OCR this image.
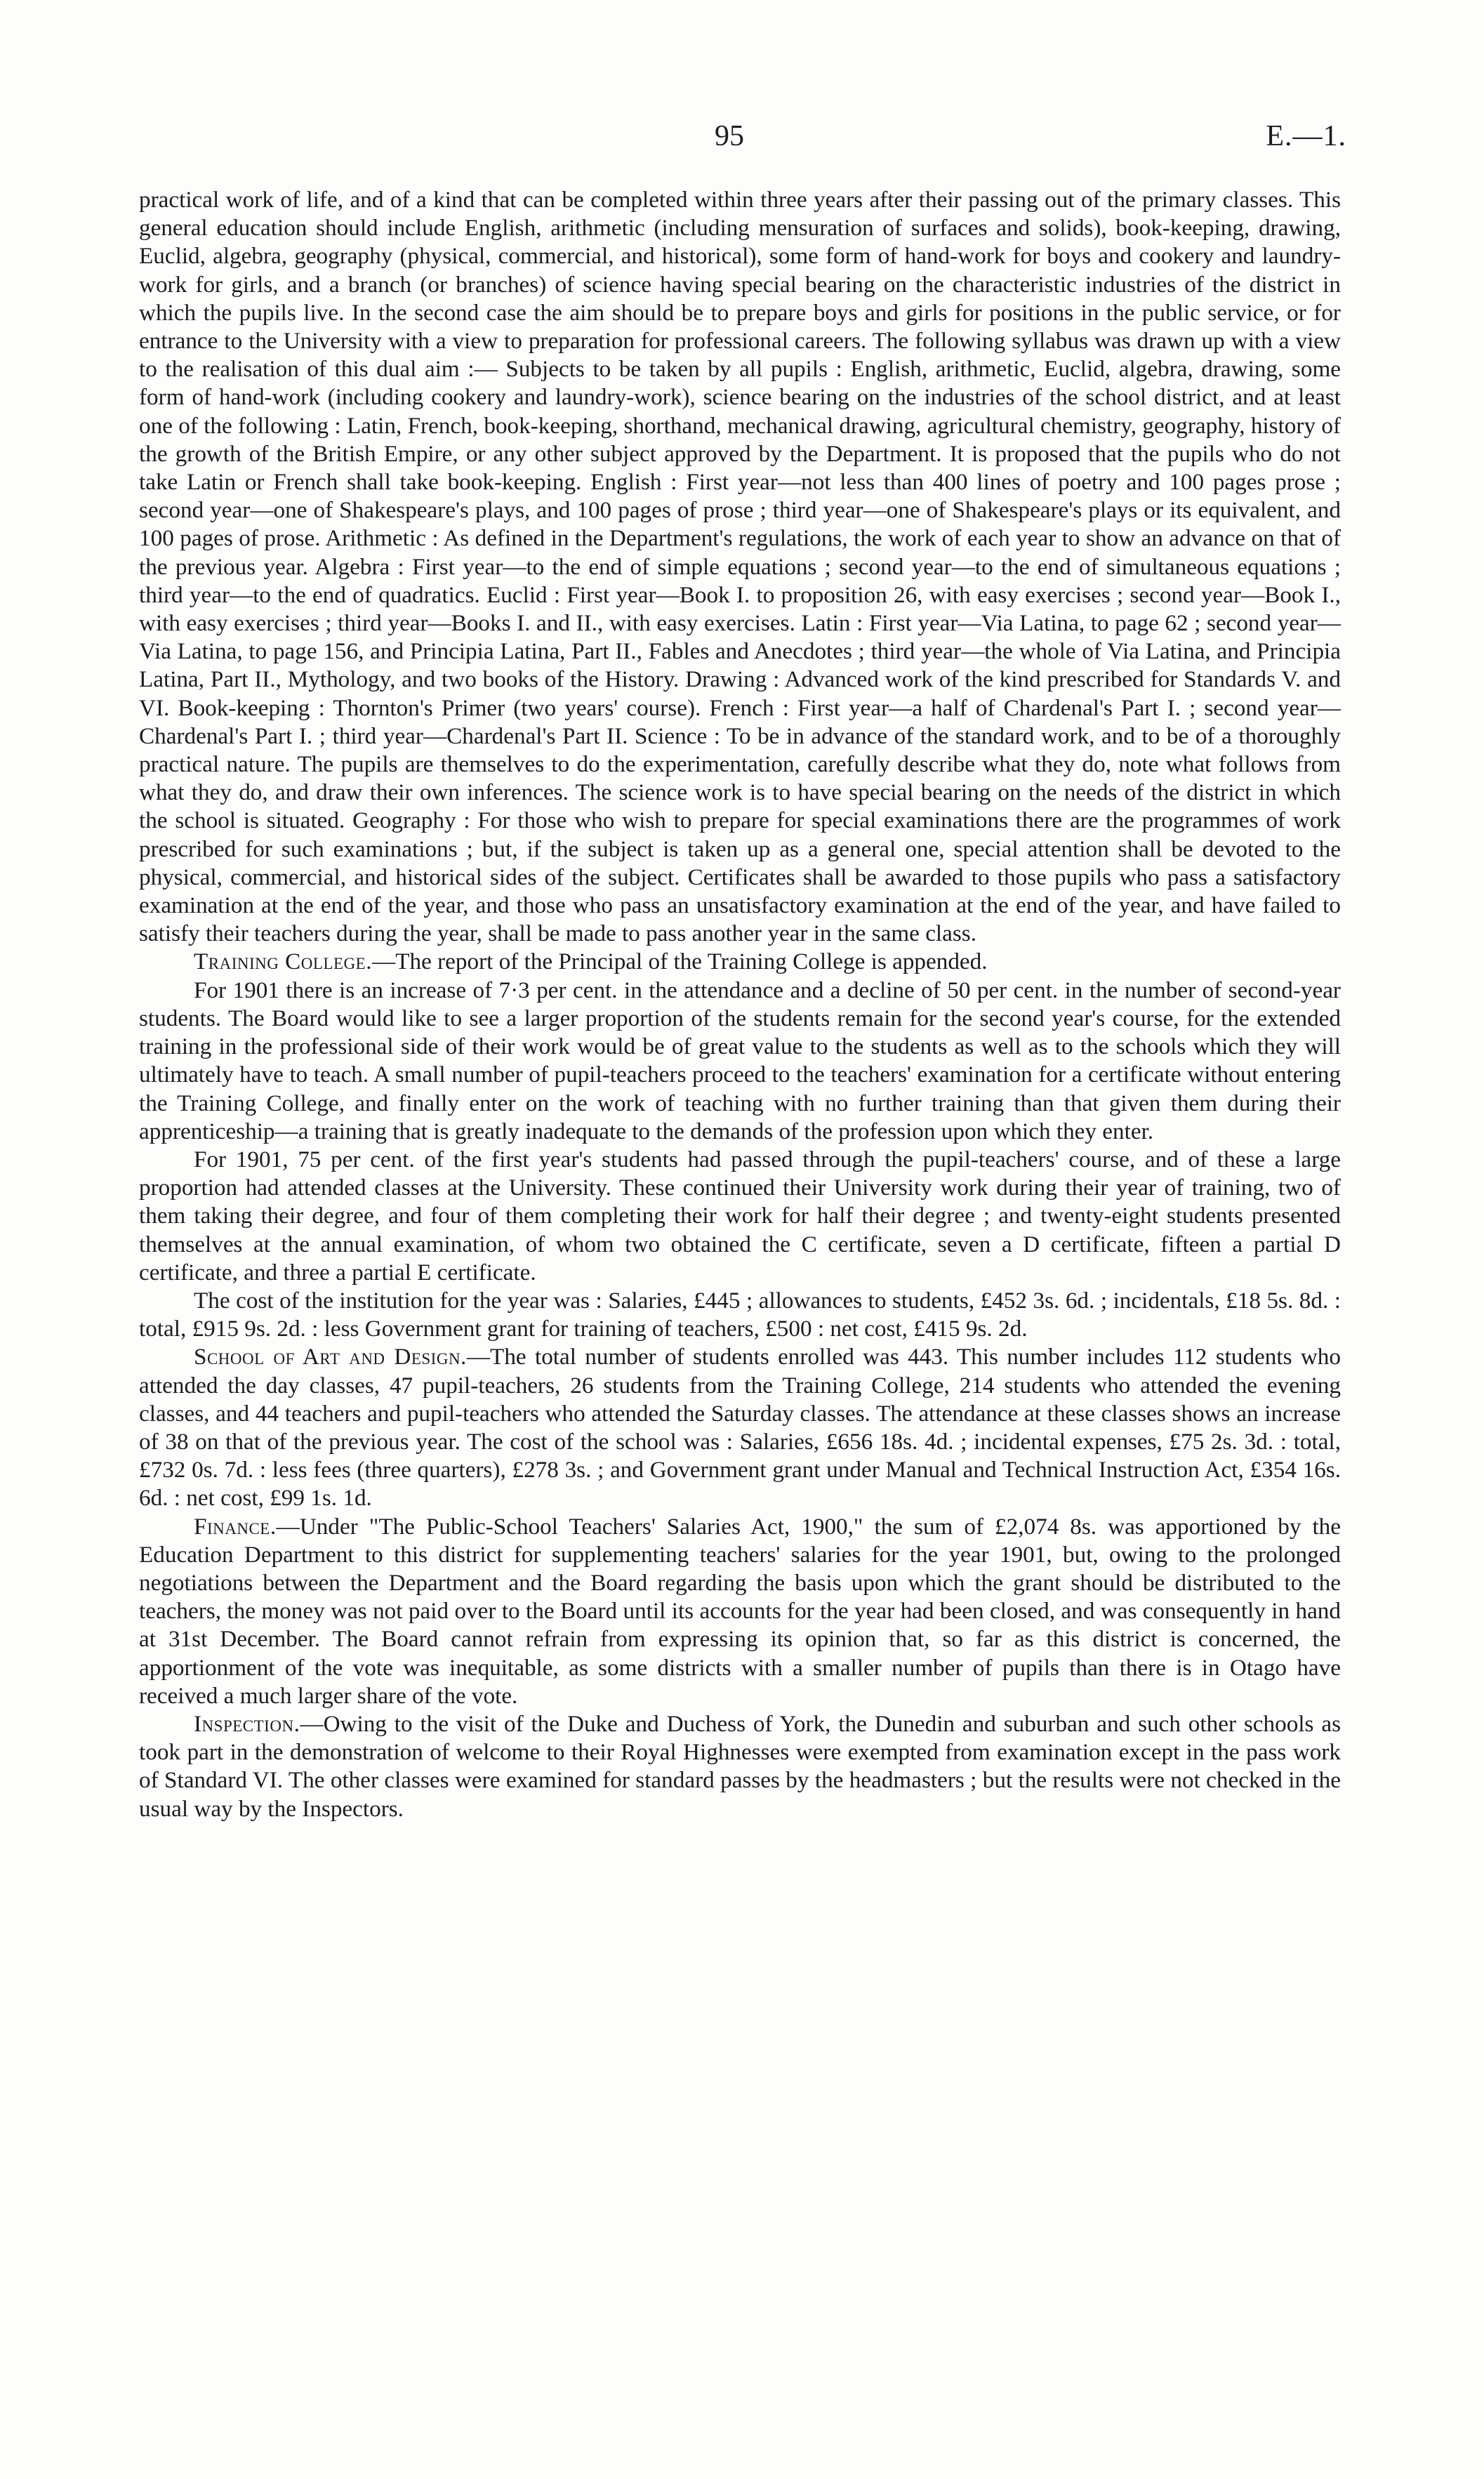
95	E.—1.

practical work of life, and of a kind that can be completed within three years after their passing out of the primary classes. This general education should include English, arithmetic (including mensuration of surfaces and solids), book-keeping, drawing, Euclid, algebra, geography (physical, commercial, and historical), some form of hand-work for boys and cookery and laundry-work for girls, and a branch (or branches) of science having special bearing on the characteristic industries of the district in which the pupils live. In the second case the aim should be to prepare boys and girls for positions in the public service, or for entrance to the University with a view to preparation for professional careers. The following syllabus was drawn up with a view to the realisation of this dual aim :— Subjects to be taken by all pupils : English, arithmetic, Euclid, algebra, drawing, some form of hand-work (including cookery and laundry-work), science bearing on the industries of the school district, and at least one of the following : Latin, French, book-keeping, shorthand, mechanical drawing, agricultural chemistry, geography, history of the growth of the British Empire, or any other subject approved by the Department. It is proposed that the pupils who do not take Latin or French shall take book-keeping. English : First year—not less than 400 lines of poetry and 100 pages prose ; second year—one of Shakespeare's plays, and 100 pages of prose ; third year—one of Shakespeare's plays or its equivalent, and 100 pages of prose. Arithmetic : As defined in the Department's regulations, the work of each year to show an advance on that of the previous year. Algebra : First year—to the end of simple equations ; second year—to the end of simultaneous equations ; third year—to the end of quadratics. Euclid : First year—Book I. to proposition 26, with easy exercises ; second year—Book I., with easy exercises ; third year—Books I. and II., with easy exercises. Latin : First year—Via Latina, to page 62 ; second year—Via Latina, to page 156, and Principia Latina, Part II., Fables and Anecdotes ; third year—the whole of Via Latina, and Principia Latina, Part II., Mythology, and two books of the History. Drawing : Advanced work of the kind prescribed for Standards V. and VI. Book-keeping : Thornton's Primer (two years' course). French : First year—a half of Chardenal's Part I. ; second year—Chardenal's Part I. ; third year—Chardenal's Part II. Science : To be in advance of the standard work, and to be of a thoroughly practical nature. The pupils are themselves to do the experimentation, carefully describe what they do, note what follows from what they do, and draw their own inferences. The science work is to have special bearing on the needs of the district in which the school is situated. Geography : For those who wish to prepare for special examinations there are the programmes of work prescribed for such examinations ; but, if the subject is taken up as a general one, special attention shall be devoted to the physical, commercial, and historical sides of the subject. Certificates shall be awarded to those pupils who pass a satisfactory examination at the end of the year, and those who pass an unsatisfactory examination at the end of the year, and have failed to satisfy their teachers during the year, shall be made to pass another year in the same class.

Training College.—The report of the Principal of the Training College is appended.

For 1901 there is an increase of 7·3 per cent. in the attendance and a decline of 50 per cent. in the number of second-year students. The Board would like to see a larger proportion of the students remain for the second year's course, for the extended training in the professional side of their work would be of great value to the students as well as to the schools which they will ultimately have to teach. A small number of pupil-teachers proceed to the teachers' examination for a certificate without entering the Training College, and finally enter on the work of teaching with no further training than that given them during their apprenticeship—a training that is greatly inadequate to the demands of the profession upon which they enter.

For 1901, 75 per cent. of the first year's students had passed through the pupil-teachers' course, and of these a large proportion had attended classes at the University. These continued their University work during their year of training, two of them taking their degree, and four of them completing their work for half their degree ; and twenty-eight students presented themselves at the annual examination, of whom two obtained the C certificate, seven a D certificate, fifteen a partial D certificate, and three a partial E certificate.

The cost of the institution for the year was : Salaries, £445 ; allowances to students, £452 3s. 6d. ; incidentals, £18 5s. 8d. : total, £915 9s. 2d. : less Government grant for training of teachers, £500 : net cost, £415 9s. 2d.

School of Art and Design.—The total number of students enrolled was 443. This number includes 112 students who attended the day classes, 47 pupil-teachers, 26 students from the Training College, 214 students who attended the evening classes, and 44 teachers and pupil-teachers who attended the Saturday classes. The attendance at these classes shows an increase of 38 on that of the previous year. The cost of the school was : Salaries, £656 18s. 4d. ; incidental expenses, £75 2s. 3d. : total, £732 0s. 7d. : less fees (three quarters), £278 3s. ; and Government grant under Manual and Technical Instruction Act, £354 16s. 6d. : net cost, £99 1s. 1d.

Finance.—Under "The Public-School Teachers' Salaries Act, 1900," the sum of £2,074 8s. was apportioned by the Education Department to this district for supplementing teachers' salaries for the year 1901, but, owing to the prolonged negotiations between the Department and the Board regarding the basis upon which the grant should be distributed to the teachers, the money was not paid over to the Board until its accounts for the year had been closed, and was consequently in hand at 31st December. The Board cannot refrain from expressing its opinion that, so far as this district is concerned, the apportionment of the vote was inequitable, as some districts with a smaller number of pupils than there is in Otago have received a much larger share of the vote.

Inspection.—Owing to the visit of the Duke and Duchess of York, the Dunedin and suburban and such other schools as took part in the demonstration of welcome to their Royal Highnesses were exempted from examination except in the pass work of Standard VI. The other classes were examined for standard passes by the headmasters ; but the results were not checked in the usual way by the Inspectors.
